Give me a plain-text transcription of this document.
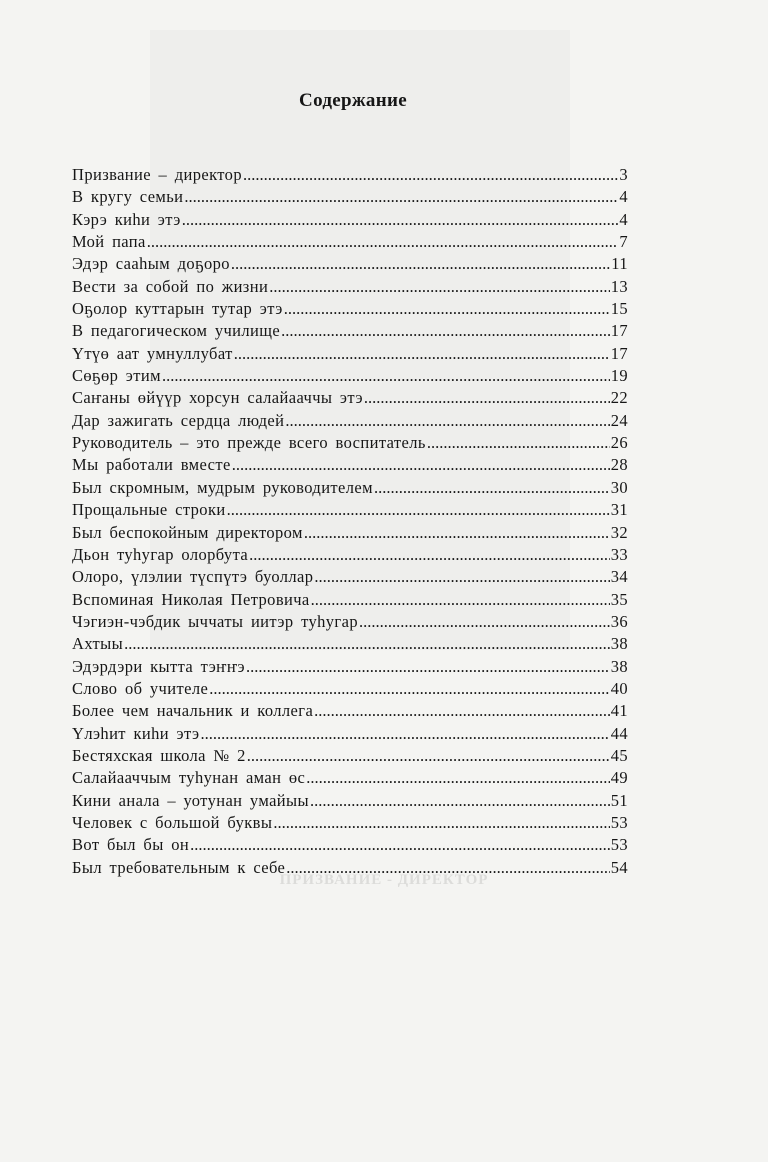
Содержание
Призвание – директор .....	3
В кругу семьи .....	4
Кэрэ киhи этэ .....	4
Мой папа .....	7
Эдэр сааhым доҕоро .....	11
Вести за собой по жизни .....	13
Оҕолор куттарын тутар этэ .....	15
В педагогическом училище .....	17
Үтүө аат умнуллубат .....	17
Сөҕөр этим .....	19
Саҥаны өйүүр хорсун салайааччы этэ .....	22
Дар зажигать сердца людей .....	24
Руководитель – это прежде всего воспитатель .....	26
Мы работали вместе .....	28
Был скромным, мудрым руководителем .....	30
Прощальные строки .....	31
Был беспокойным директором .....	32
Дьон туhугар олорбута .....	33
Олоро, үлэлии түспүтэ буоллар .....	34
Вспоминая Николая Петровича .....	35
Чэгиэн-чэбдик ыччаты иитэр туhугар .....	36
Ахтыы .....	38
Эдэрдэри кытта тэҥҥэ .....	38
Слово об учителе .....	40
Более чем начальник и коллега .....	41
Үлэhит киhи этэ .....	44
Бестяхская школа № 2 .....	45
Салайааччым туhунан аман өс .....	49
Кини анала – уотунан умайыы .....	51
Человек с большой буквы .....	53
Вот был бы он .....	53
Был требовательным к себе .....	54
ПРИЗВАНИЕ - ДИРЕКТОР
